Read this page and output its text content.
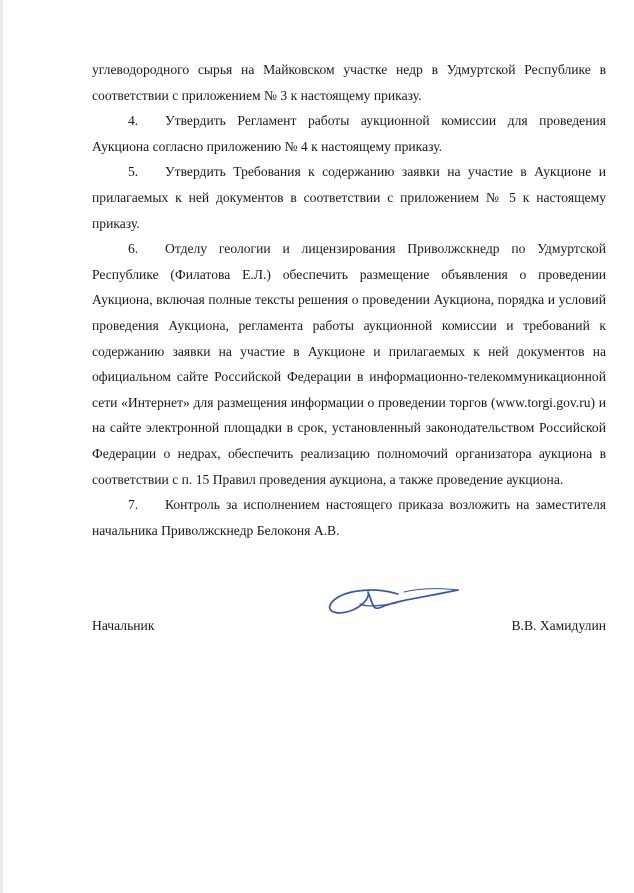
углеводородного сырья на Майковском участке недр в Удмуртской Республике в соответствии с приложением № 3 к настоящему приказу.

4. Утвердить Регламент работы аукционной комиссии для проведения Аукциона согласно приложению № 4 к настоящему приказу.

5. Утвердить Требования к содержанию заявки на участие в Аукционе и прилагаемых к ней документов в соответствии с приложением № 5 к настоящему приказу.

6. Отделу геологии и лицензирования Приволжскнедр по Удмуртской Республике (Филатова Е.Л.) обеспечить размещение объявления о проведении Аукциона, включая полные тексты решения о проведении Аукциона, порядка и условий проведения Аукциона, регламента работы аукционной комиссии и требований к содержанию заявки на участие в Аукционе и прилагаемых к ней документов на официальном сайте Российской Федерации в информационно-телекоммуникационной сети «Интернет» для размещения информации о проведении торгов (www.torgi.gov.ru) и на сайте электронной площадки в срок, установленный законодательством Российской Федерации о недрах, обеспечить реализацию полномочий организатора аукциона в соответствии с п. 15 Правил проведения аукциона, а также проведение аукциона.

7. Контроль за исполнением настоящего приказа возложить на заместителя начальника Приволжскнедр Белоконя А.В.

Начальник	В.В. Хамидулин
